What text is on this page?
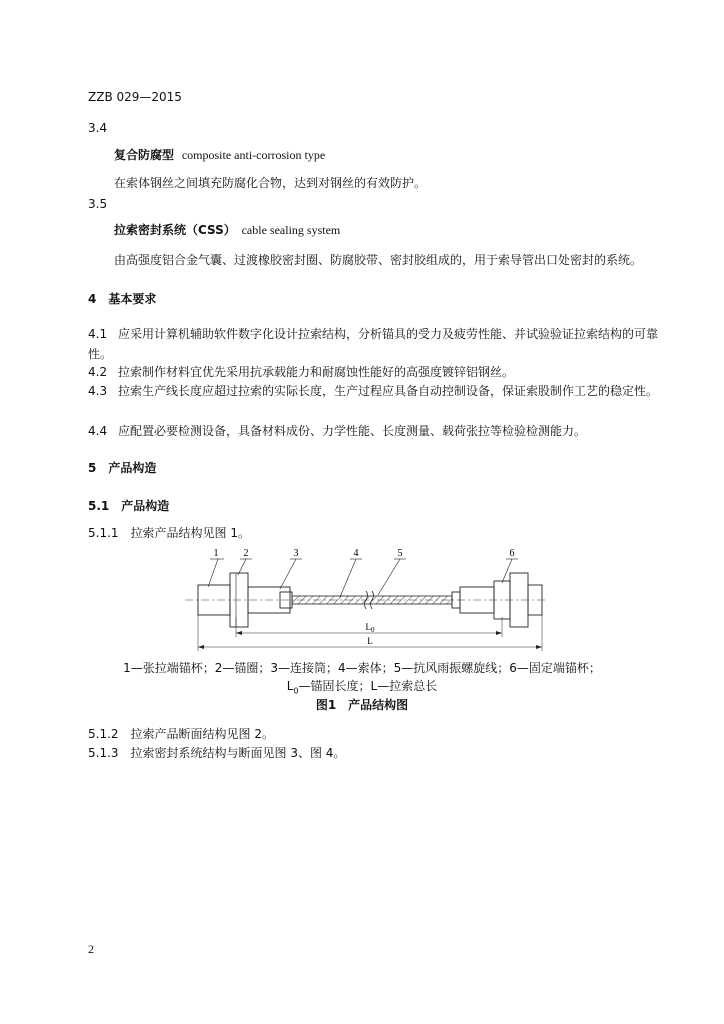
ZZB 029—2015
3.4
复合防腐型 composite anti-corrosion type
在索体钢丝之间填充防腐化合物，达到对钢丝的有效防护。
3.5
拉索密封系统（CSS） cable sealing system
由高强度铝合金气囊、过渡橡胶密封圈、防腐胶带、密封胶组成的，用于索导管出口处密封的系统。
4　基本要求
4.1 应采用计算机辅助软件数字化设计拉索结构，分析锚具的受力及疲劳性能、并试验验证拉索结构的可靠性。
4.2 拉索制作材料宜优先采用抗承载能力和耐腐蚀性能好的高强度镀锌铝钢丝。
4.3 拉索生产线长度应超过拉索的实际长度，生产过程应具备自动控制设备，保证索股制作工艺的稳定性。
4.4 应配置必要检测设备，具备材料成份、力学性能、长度测量、载荷张拉等检验检测能力。
5　产品构造
5.1　产品构造
5.1.1　拉索产品结构见图 1。
1	2	3	4	5	6
$L_0$
L
1—张拉端锚杯；2—锚圈；3—连接筒；4—索体；5—抗风雨振螺旋线；6—固定端锚杯；
$L_0—$锚固长度；L—拉索总长
图1　产品结构图
5.1.2　拉索产品断面结构见图 2。
5.1.3　拉索密封系统结构与断面见图 3、图 4。
2
